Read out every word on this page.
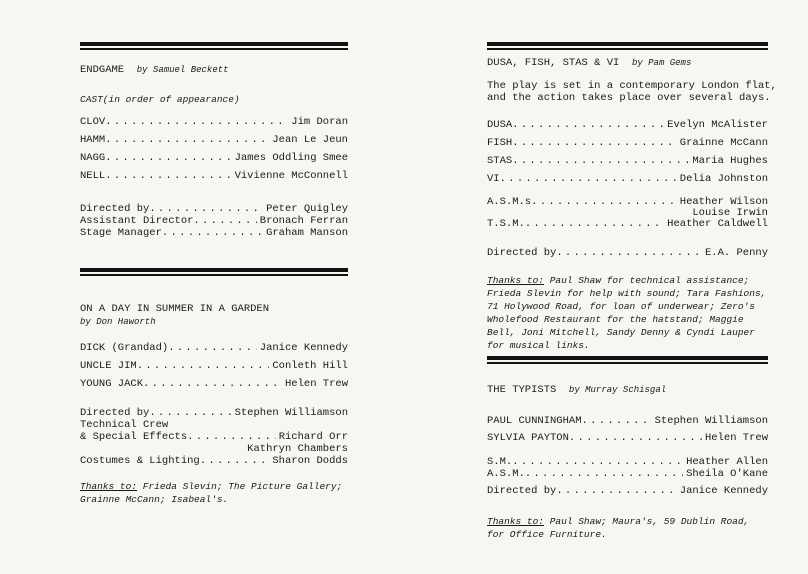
ENDGAME by Samuel Beckett
CAST(in order of appearance)
CLOV . . .	Jim Doran
HAMM . . .	Jean Le Jeun
NAGG . . .	James Oddling Smee
NELL . . .	Vivienne McConnell
Directed by . . .	Peter Quigley
Assistant Director . . .	Bronach Ferran
Stage Manager . . .	Graham Manson
ON A DAY IN SUMMER IN A GARDEN
by Don Haworth
DICK (Grandad) . . .	Janice Kennedy
UNCLE JIM . . .	Conleth Hill
YOUNG JACK . . .	Helen Trew
Directed by . . .	Stephen Williamson
Technical Crew
& Special Effects . . .	Richard Orr
Kathryn Chambers
Costumes & Lighting . . .	Sharon Dodds
Thanks to: Frieda Slevin; The Picture Gallery;
Grainne McCann; Isabeal's.
DUSA, FISH, STAS & VI by Pam Gems
The play is set in a contemporary London flat,
and the action takes place over several days.
DUSA . . .	Evelyn McAlister
FISH . . .	Grainne McCann
STAS . . .	Maria Hughes
VI . . .	Delia Johnston
A.S.M.s . . .	Heather Wilson
Louise Irwin
T.S.M. . . .	Heather Caldwell
Directed by . . .	E.A. Penny
Thanks to: Paul Shaw for technical assistance;
Frieda Slevin for help with sound; Tara Fashions,
71 Holywood Road, for loan of underwear; Zero's
Wholefood Restaurant for the hatstand; Maggie
Bell, Joni Mitchell, Sandy Denny & Cyndi Lauper
for musical links.
THE TYPISTS by Murray Schisgal
PAUL CUNNINGHAM . . .	Stephen Williamson
SYLVIA PAYTON . . .	Helen Trew
S.M. . . .	Heather Allen
A.S.M. . . .	Sheila O'Kane
Directed by . . .	Janice Kennedy
Thanks to: Paul Shaw; Maura's, 59 Dublin Road,
for Office Furniture.
